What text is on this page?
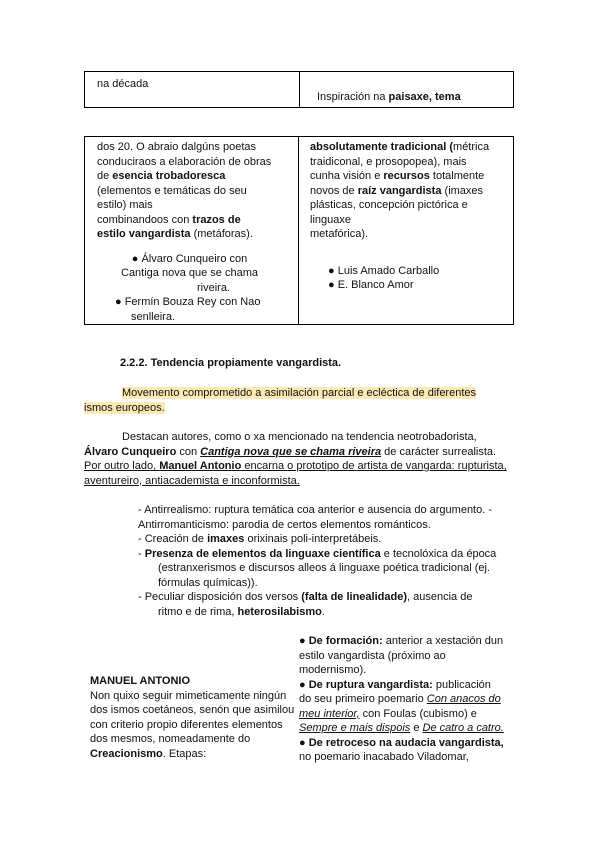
na década
Inspiración na paisaxe, tema

dos 20. O abraio dalgúns poetas

conduciraos a elaboración de obras

de esencia trobadoresca

(elementos e temáticas do seu

estilo) mais

combinandoos con trazos de

estilo vangardista (metáforas).

● Álvaro Cunqueiro con

Cantiga nova que se chama

riveira.

● Fermín Bouza Rey con Nao

senlleira.

absolutamente tradicional (métrica

traidiconal, e prosopopea), mais

cunha visión e recursos totalmente

novos de raíz vangardista (imaxes

plásticas, concepción pictórica e

linguaxe

metafórica).

● Luis Amado Carballo

● E. Blanco Amor

2.2.2. Tendencia propiamente vangardista.

Movemento comprometido a asimilación parcial e ecléctica de diferentes

ismos europeos.

Destacan autores, como o xa mencionado na tendencia neotrobadorista,

Álvaro Cunqueiro con Cantiga nova que se chama riveira de carácter surrealista.

Por outro lado, Manuel Antonio encarna o prototipo de artista de vangarda: rupturista,

aventureiro, antiacademista e inconformista.

- Antirrealismo: ruptura temática coa anterior e ausencia do argumento. -

Antirromanticismo: parodia de certos elementos románticos.

- Creación de imaxes orixinais poli-interpretábeis.

- Presenza de elementos da linguaxe científica e tecnolóxica da época

(estranxerismos e discursos alleos á linguaxe poética tradicional (ej.

fórmulas químicas)).

- Peculiar disposición dos versos (falta de linealidade), ausencia de

ritmo e de rima, heterosilabismo.

MANUEL ANTONIO

Non quixo seguir mimeticamente ningún

dos ismos coetáneos, senón que asimilou

con criterio propio diferentes elementos

dos mesmos, nomeadamente do

Creacionismo. Etapas:

● De formación: anterior a xestación dun

estilo vangardista (próximo ao

modernismo).

● De ruptura vangardista: publicación

do seu primeiro poemario Con anacos do

meu interior, con Foulas (cubismo) e

Sempre e mais dispois e De catro a catro.

● De retroceso na audacia vangardista,

no poemario inacabado Viladomar,
